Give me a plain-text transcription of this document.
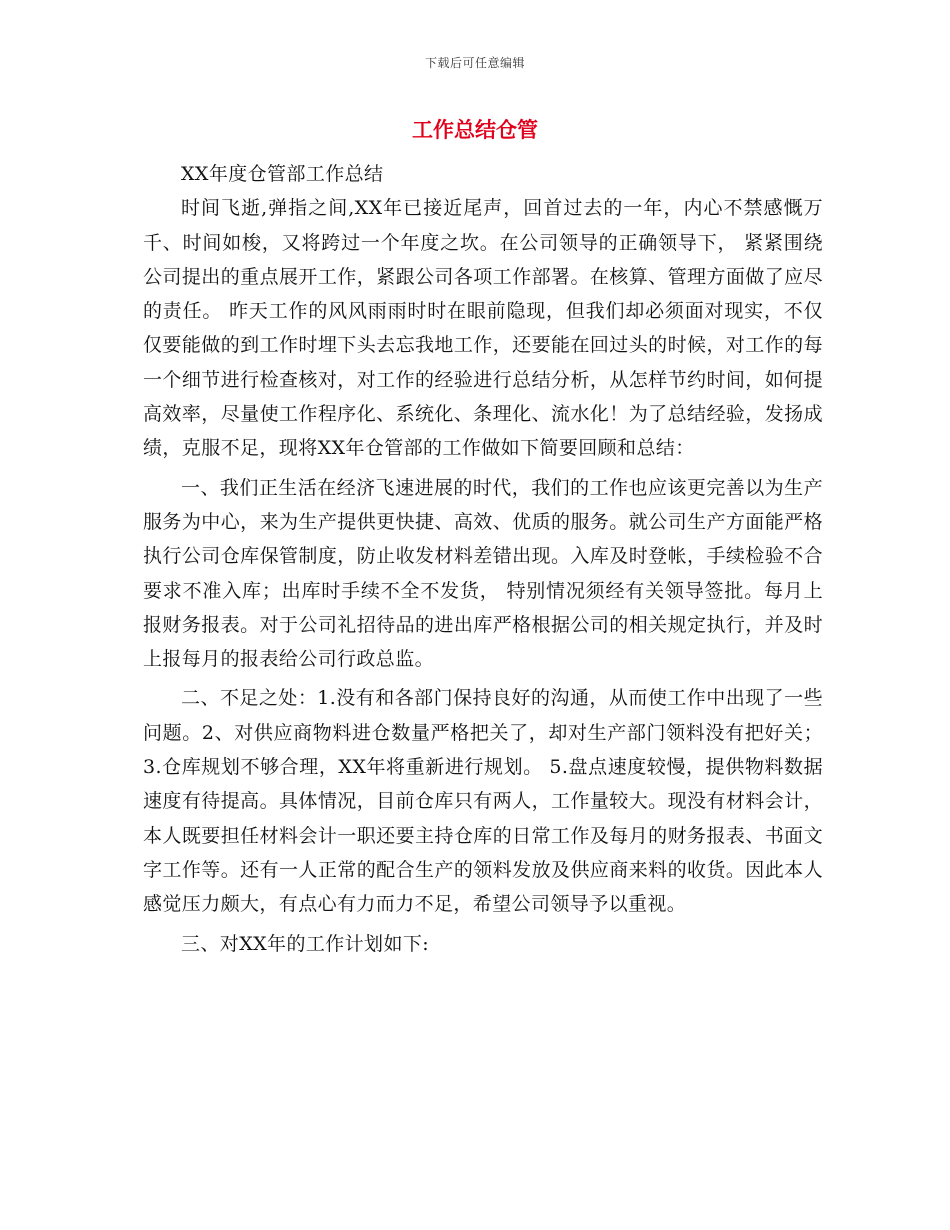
下载后可任意编辑
工作总结仓管

XX年度仓管部工作总结

时间飞逝,弹指之间,XX年已接近尾声，回首过去的一年，内心不禁感慨万千、时间如梭，又将跨过一个年度之坎。在公司领导的正确领导下， 紧紧围绕公司提出的重点展开工作，紧跟公司各项工作部署。在核算、管理方面做了应尽的责任。 昨天工作的风风雨雨时时在眼前隐现，但我们却必须面对现实，不仅仅要能做的到工作时埋下头去忘我地工作，还要能在回过头的时候，对工作的每一个细节进行检查核对，对工作的经验进行总结分析，从怎样节约时间，如何提高效率，尽量使工作程序化、系统化、条理化、流水化！为了总结经验，发扬成绩，克服不足，现将XX年仓管部的工作做如下简要回顾和总结：

一、我们正生活在经济飞速进展的时代，我们的工作也应该更完善以为生产服务为中心，来为生产提供更快捷、高效、优质的服务。就公司生产方面能严格执行公司仓库保管制度，防止收发材料差错出现。入库及时登帐，手续检验不合要求不准入库；出库时手续不全不发货， 特别情况须经有关领导签批。每月上报财务报表。对于公司礼招待品的进出库严格根据公司的相关规定执行，并及时上报每月的报表给公司行政总监。

二、不足之处：1.没有和各部门保持良好的沟通，从而使工作中出现了一些问题。2、对供应商物料进仓数量严格把关了，却对生产部门领料没有把好关；3.仓库规划不够合理，XX年将重新进行规划。 5.盘点速度较慢，提供物料数据速度有待提高。具体情况，目前仓库只有两人，工作量较大。现没有材料会计，本人既要担任材料会计一职还要主持仓库的日常工作及每月的财务报表、书面文字工作等。还有一人正常的配合生产的领料发放及供应商来料的收货。因此本人感觉压力颇大，有点心有力而力不足，希望公司领导予以重视。

三、对XX年的工作计划如下:
